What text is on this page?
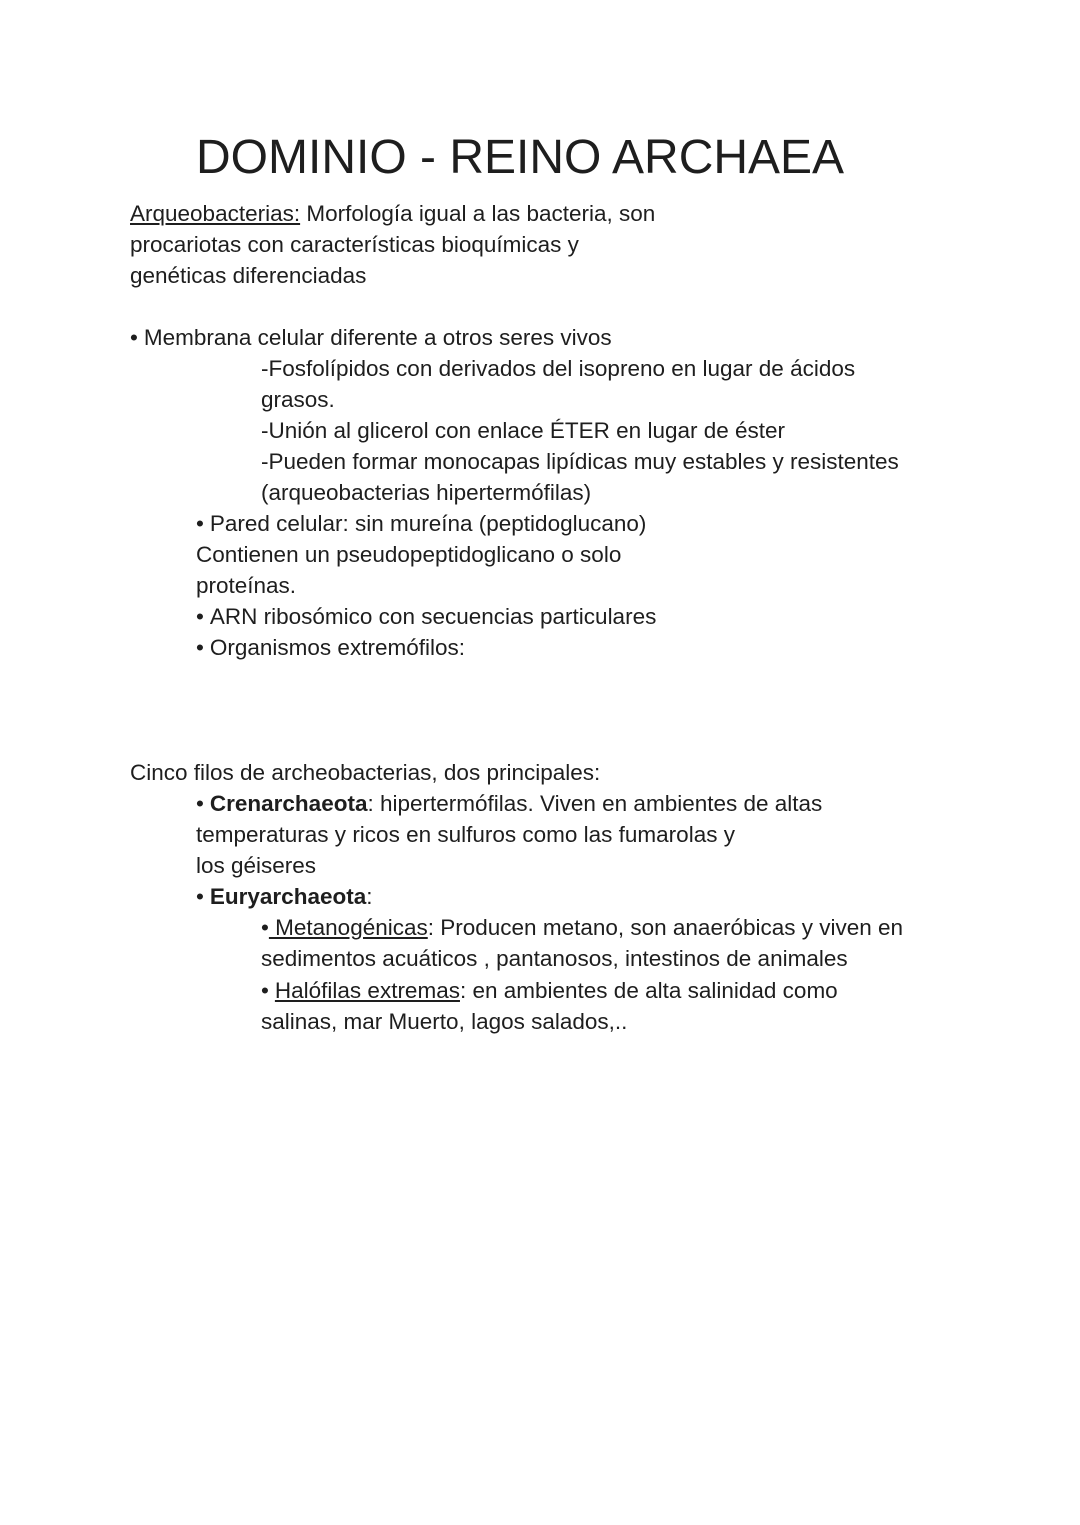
DOMINIO - REINO ARCHAEA
Arqueobacterias: Morfología igual a las bacteria, son
procariotas con características bioquímicas y
genéticas diferenciadas
• Membrana celular diferente a otros seres vivos
-Fosfolípidos con derivados del isopreno en lugar de ácidos
grasos.
-Unión al glicerol con enlace ÉTER en lugar de éster
-Pueden formar monocapas lipídicas muy estables y resistentes
(arqueobacterias hipertermófilas)
• Pared celular: sin mureína (peptidoglucano)
Contienen un pseudopeptidoglicano o solo
proteínas.
• ARN ribosómico con secuencias particulares
• Organismos extremófilos:
Cinco filos de archeobacterias, dos principales:
• Crenarchaeota: hipertermófilas. Viven en ambientes de altas
temperaturas y ricos en sulfuros como las fumarolas y
los géiseres
• Euryarchaeota:
• Metanogénicas: Producen metano, son anaeróbicas y viven en
sedimentos acuáticos , pantanosos, intestinos de animales
• Halófilas extremas: en ambientes de alta salinidad como
salinas, mar Muerto, lagos salados,..
